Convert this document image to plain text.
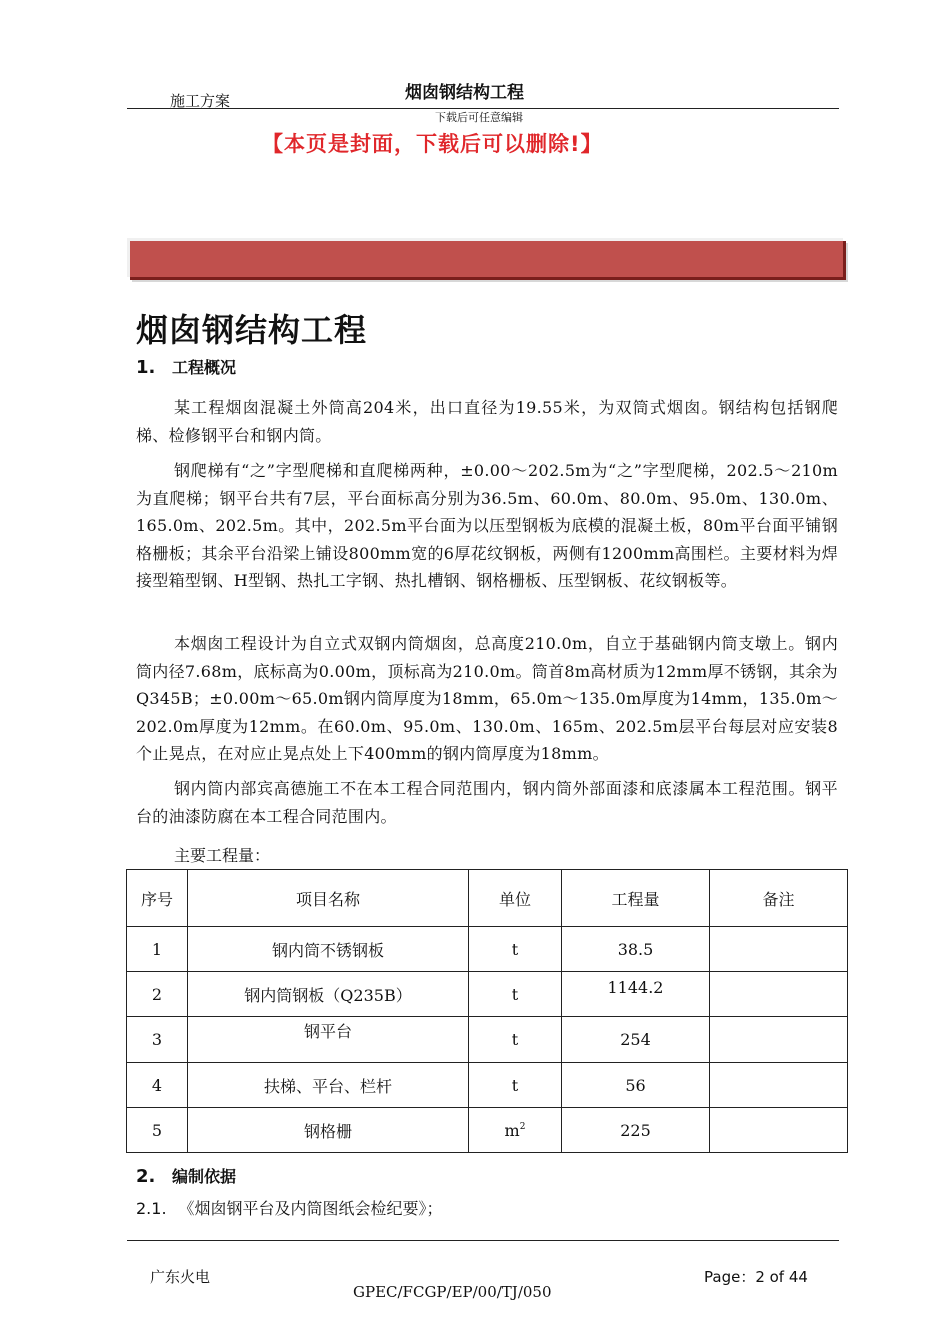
施工方案	烟囱钢结构工程
下载后可任意编辑
【本页是封面，下载后可以删除!】
烟囱钢结构工程
1. 工程概况
某工程烟囱混凝土外筒高204米，出口直径为19.55米，为双筒式烟囱。钢结构包括钢爬梯、检修钢平台和钢内筒。
钢爬梯有“之”字型爬梯和直爬梯两种，±0.00～202.5m为“之”字型爬梯，202.5～210m为直爬梯；钢平台共有7层，平台面标高分别为36.5m、60.0m、80.0m、95.0m、130.0m、165.0m、202.5m。其中，202.5m平台面为以压型钢板为底模的混凝土板，80m平台面平铺钢格栅板；其余平台沿梁上铺设800mm宽的6厚花纹钢板，两侧有1200mm高围栏。主要材料为焊接型箱型钢、H型钢、热扎工字钢、热扎槽钢、钢格栅板、压型钢板、花纹钢板等。
本烟囱工程设计为自立式双钢内筒烟囱，总高度210.0m，自立于基础钢内筒支墩上。钢内筒内径7.68m，底标高为0.00m，顶标高为210.0m。筒首8m高材质为12mm厚不锈钢，其余为Q345B；±0.00m～65.0m钢内筒厚度为18mm，65.0m～135.0m厚度为14mm，135.0m～202.0m厚度为12mm。在60.0m、95.0m、130.0m、165m、202.5m层平台每层对应安装8个止晃点，在对应止晃点处上下400mm的钢内筒厚度为18mm。
钢内筒内部宾高德施工不在本工程合同范围内，钢内筒外部面漆和底漆属本工程范围。钢平台的油漆防腐在本工程合同范围内。
主要工程量：
序号	项目名称	单位	工程量	备注
1	钢内筒不锈钢板	t	38.5	
2	钢内筒钢板（Q235B）	t	1144.2	
3	钢平台	t	254	
4	扶梯、平台、栏杆	t	56	
5	钢格栅	$m^2$	225	
2. 编制依据
2.1. 《烟囱钢平台及内筒图纸会检纪要》；
广东火电	Page：2 of 44
GPEC/FCGP/EP/00/TJ/050
